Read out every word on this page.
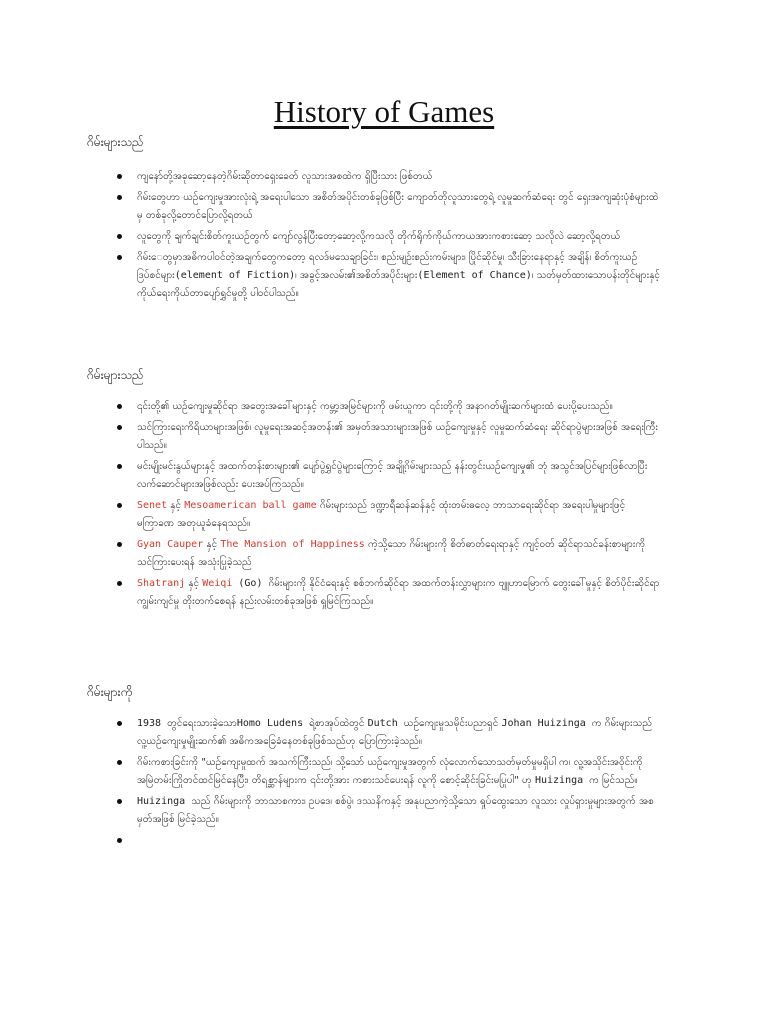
History of Games
ဂိမ်းများသည်
ကျနော်တို့အခုဆော့နေတဲ့ဂိမ်းဆိုတာရှေးခေတ် လူသားအစထဲက ရှိပြီးသား ဖြစ်တယ်
ဂိမ်းတွေဟာ ယဥ်ကျေးမှုအားလုံးရဲ့ အရေးပါသော အစိတ်အပိုင်းတစ်ခုဖြစ်ပြီး ကျောတ်တိုလူသားတွေရဲ့ လူမှုဆက်ဆံရေး တွင် ရှေးအကျဆုံးပုံစံများထဲမှ တစ်ခုလို့တောင်ပြောလို့ရတယ်
လူတွေကို ချက်ချင်းစိတ်ကူးယဥ်တွက် ကျော်လွန်ပြီးတော့ဆော့လို့ကသလို တိုက်ရိုက်ကိုယ်ကာယအားကစားဆော့ သလိုလဲ ဆော့လို့ရတယ်
ဂိမ်းေတွမှာအဓိကပါဝင်တဲ့အချက်တွေကတော့ ရလဒ်မသေချာခြင်း၊ စည်းမျဥ်းစည်းကမ်းများ၊ ပြိုင်ဆိုင်မှု၊ သီးခြားနေရာနှင့် အချိန်၊ စိတ်ကူးယဥ်ဒြပ်စင်များ(element of Fiction)၊ အခွင့်အလမ်း၏အစိတ်အပိုင်းများ(Element of Chance)၊ သတ်မှတ်ထားသောပန်းတိုင်များနှင့် ကိုယ်ရေးကိုယ်တာပျော်ရွှင်မှုတို့ ပါဝင်ပါသည်။
ဂိမ်းများသည်
၎င်းတို့၏ ယဥ်ကျေးမှုဆိုင်ရာ အတွေးအခေါ်များနှင့် ကမ္ဘာ့အမြင်များကို ဖမ်းယူကာ ၎င်းတို့ကို အနာဂတ်မျိုးဆက်များထံ ပေးပို့ပေးသည်။
သင်ကြားရေးကိရိယာများအဖြစ်၊ လူမှုရေးအဆင့်အတန်း၏ အမှတ်အသားများအဖြစ် ယဥ်ကျေးမှုနှင့် လူမှုဆက်ဆံရေး ဆိုင်ရာပွဲများအဖြစ် အရေးကြီးပါသည်။
မင်းမျိုးမင်းနွယ်များနှင့် အထက်တန်းစားများ၏ ပျော်ပွဲရွှင်ပွဲများကြောင့် အချို့ဂိမ်းများသည် နန်းတွင်းယဥ်ကျေးမှု၏ ဘုံ အသွင်အပြင်များဖြစ်လာပြီး လက်ဆောင်များအဖြစ်လည်း ပေးအပ်ကြသည်။
Senet နှင့် Mesoamerican ball game ဂိမ်းများသည် ဒဏ္ဍာရီဆန်ဆန်နှင့် ထုံးတမ်းဓလေ့ ဘာသာရေးဆိုင်ရာ အရေးပါမှုများဖြင့် မကြာခဏ အတုယူခံနေရသည်။
Gyan Cauper နှင့် The Mansion of Happiness ကဲ့သို့သော ဂိမ်းများကို စိတ်ဓာတ်ရေးရာနှင့် ကျင့်ဝတ် ဆိုင်ရာသင်ခန်းစာများကို သင်ကြားပေးရန် အသုံးပြုခဲ့သည်
Shatranj နှင့် Weiqi (Go) ဂိမ်းများကို နိုင်ငံရေးနှင့် စစ်ဘက်ဆိုင်ရာ အထက်တန်းလွှာများက ဗျူဟာမြောက် တွေးခေါ်မှုနှင့် စိတ်ပိုင်းဆိုင်ရာ ကျွမ်းကျင်မှု တိုးတက်စေရန် နည်းလမ်းတစ်ခုအဖြစ် ရှုမြင်ကြသည်။
ဂိမ်းများကို
1938 တွင်ရေးသားခဲ့သောHomo Ludens ရဲ့စာအုပ်ထဲတွင် Dutch ယဥ်ကျေးမှုသမိုင်းပညာရှင် Johan Huizinga က ဂိမ်းများသည် လူ့ယဥ်ကျေးမှုမျိုးဆက်၏ အဓိကအခြေခံနေတစ်ခုဖြစ်သည်ဟု ပြောကြားခဲ့သည်။
ဂိမ်းကစားခြင်းကို "ယဥ်ကျေးမှုထက် အသက်ကြီးသည်၊ သို့သော် ယဥ်ကျေးမှုအတွက် လုံလောက်သောသတ်မှတ်မှုမရှိပါ က၊ လူ့အသိုင်းအဝိုင်းကို အမြဲတမ်းကြိုတင်ထင်မြင်နေပြီး၊ တိရစ္ဆာန်များက ၎င်းတို့အား ကစားသင်ပေးရန် လူကို စောင့်ဆိုင်းခြင်းမပြုပါ" ဟု Huizinga က မြင်သည်။
Huizinga သည် ဂိမ်းများကို ဘာသာစကား၊ ဥပဒေ၊ စစ်ပွဲ၊ ဒဿနိကနှင့် အနုပညာကဲ့သို့သော ရှုပ်ထွေးသော လူသား လှုပ်ရှားမှုများအတွက် အစမှတ်အဖြစ် မြင်ခဲ့သည်။
